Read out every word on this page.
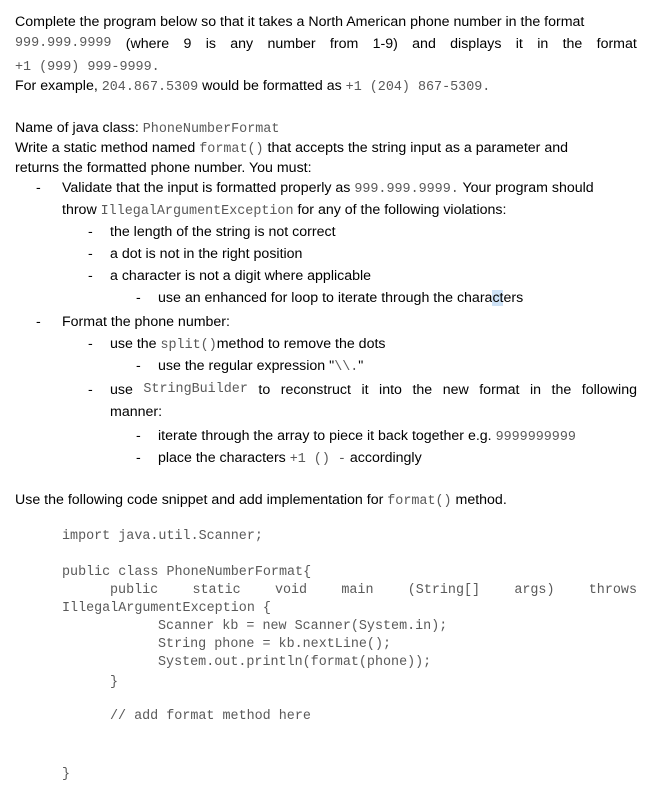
Complete the program below so that it takes a North American phone number in the format
999.999.9999 (where 9 is any number from 1-9) and displays it in the format
+1 (999) 999-9999.
For example, 204.867.5309 would be formatted as +1 (204) 867-5309.
Name of java class: PhoneNumberFormat
Write a static method named format() that accepts the string input as a parameter and
returns the formatted phone number. You must:
- Validate that the input is formatted properly as 999.999.9999. Your program should
throw IllegalArgumentException for any of the following violations:
- the length of the string is not correct
- a dot is not in the right position
- a character is not a digit where applicable
- use an enhanced for loop to iterate through the characters
- Format the phone number:
- use the split()method to remove the dots
- use the regular expression "\\."
- use StringBuilder to reconstruct it into the new format in the following
manner:
- iterate through the array to piece it back together e.g. 9999999999
- place the characters +1 () - accordingly
Use the following code snippet and add implementation for format() method.
import java.util.Scanner;
public class PhoneNumberFormat{
public	static	void	main	(String[]	args)	throws
IllegalArgumentException {
Scanner kb = new Scanner(System.in);
String phone = kb.nextLine();
System.out.println(format(phone));
}
// add format method here
}
